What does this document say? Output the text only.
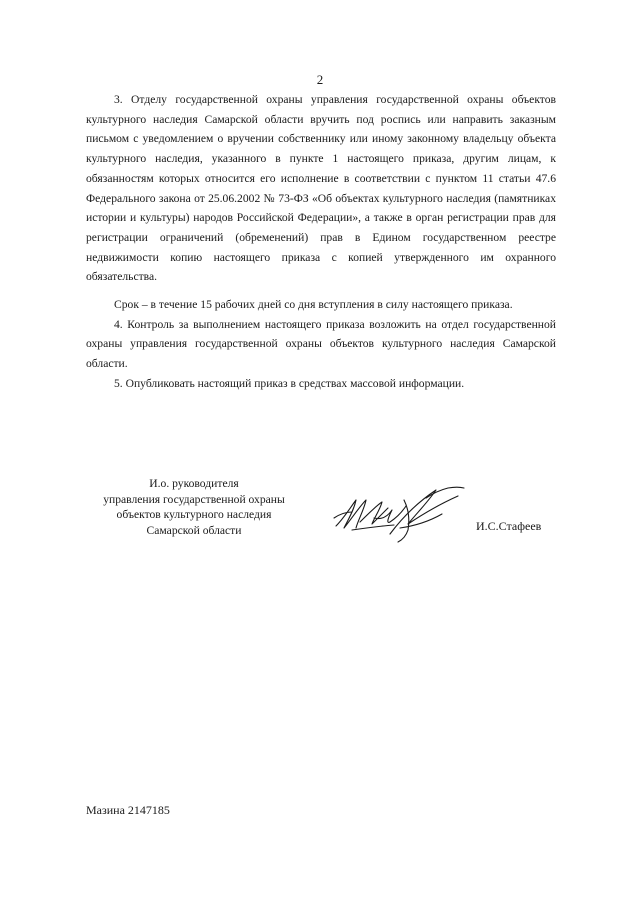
2

3. Отделу государственной охраны управления государственной охраны объектов культурного наследия Самарской области вручить под роспись или направить заказным письмом с уведомлением о вручении собственнику или иному законному владельцу объекта культурного наследия, указанного в пункте 1 настоящего приказа, другим лицам, к обязанностям которых относится его исполнение в соответствии с пунктом 11 статьи 47.6 Федерального закона от 25.06.2002 № 73-ФЗ «Об объектах культурного наследия (памятниках истории и культуры) народов Российской Федерации», а также в орган регистрации прав для регистрации ограничений (обременений) прав в Едином государственном реестре недвижимости копию настоящего приказа с копией утвержденного им охранного обязательства.

Срок – в течение 15 рабочих дней со дня вступления в силу настоящего приказа.

4. Контроль за выполнением настоящего приказа возложить на отдел государственной охраны управления государственной охраны объектов культурного наследия Самарской области.

5. Опубликовать настоящий приказ в средствах массовой информации.

И.о. руководителя
управления государственной охраны
объектов культурного наследия
Самарской области	И.С.Стафеев
Мазина 2147185
